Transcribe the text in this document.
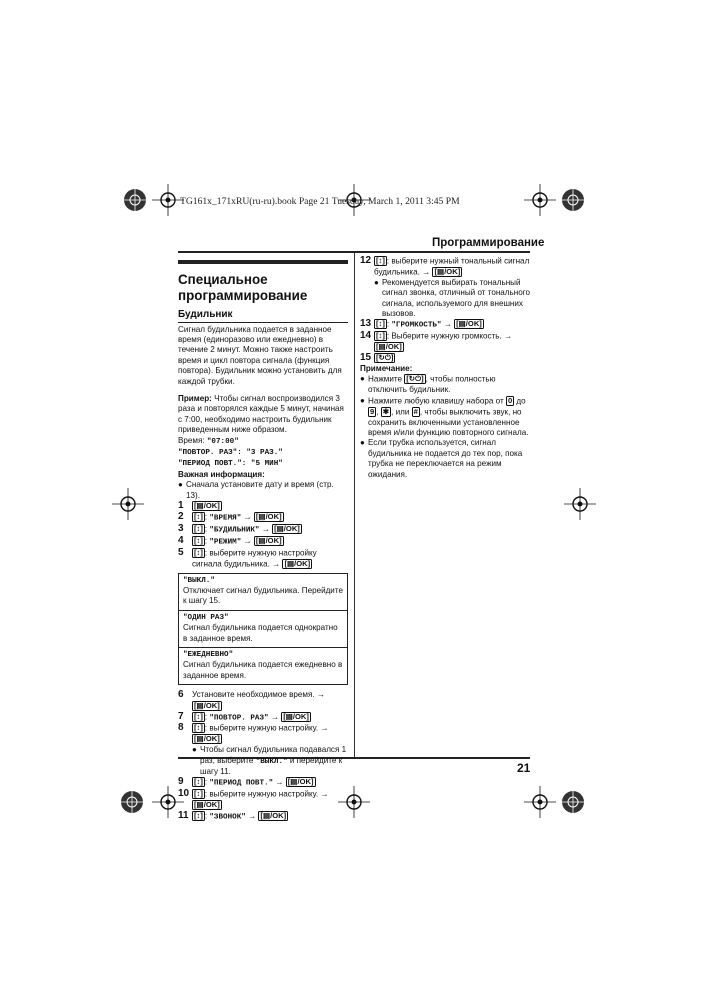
TG161x_171xRU(ru-ru).book Page 21 Tuesday, March 1, 2011 3:45 PM
Программирование
21
Специальное
программирование
Будильник

Сигнал будильника подается в заданное время (единоразово или ежедневно) в течение 2 минут. Можно также настроить время и цикл повтора сигнала (функция повтора). Будильник можно установить для каждой трубки.

Пример: Чтобы сигнал воспроизводился 3 раза и повторялся каждые 5 минут, начиная с 7:00, необходимо настроить будильник приведенным ниже образом.

Время: "07:00"

"ПОВТОР. РАЗ": "3 РАЗ."

"ПЕРИОД ПОВТ.": "5 МИН"

Важная информация:

● Сначала установите дату и время (стр. 13).
1	[▤/OK]
2	[↕] : "ВРЕМЯ" → [▤/OK]
3	[↕] : "БУДИЛЬНИК" → [▤/OK]
4	[↕] : "РЕЖИМ" → [▤/OK]
5	[↕] : выберите нужную настройку сигнала будильника. → [▤/OK]
"ВЫКЛ."
Отключает сигнал будильника. Перейдите к шагу 15.
"ОДИН РАЗ"
Сигнал будильника подается однократно в заданное время.
"ЕЖЕДНЕВНО"
Сигнал будильника подается ежедневно в заданное время.
6	Установите необходимое время. → [▤/OK]
7	[↕] : "ПОВТОР. РАЗ" → [▤/OK]
8	[↕] : выберите нужную настройку. → [▤/OK]
● Чтобы сигнал будильника подавался 1 раз, выберите "ВЫКЛ." и перейдите к шагу 11.
9	[↕] : "ПЕРИОД ПОВТ." → [▤/OK]
10 [↕] : выберите нужную настройку. → [▤/OK]
11 [↕] : "ЗВОНОК" → [▤/OK]
12 [↕] : выберите нужный тональный сигнал будильника. → [▤/OK]
● Рекомендуется выбирать тональный сигнал звонка, отличный от тонального сигнала, используемого для внешних вызовов.
13 [↕] : "ГРОМКОСТЬ" → [▤/OK]
14 [↕] : Выберите нужную громкость. → [▤/OK]
15 [↻⏻]

Примечание:

● Нажмите [↻⏻] , чтобы полностью отключить будильник.
● Нажмите любую клавишу набора от 0 до 9 , ✱ , или # , чтобы выключить звук, но сохранить включенными установленное время и/или функцию повторного сигнала.
● Если трубка используется, сигнал будильника не подается до тех пор, пока трубка не переключается на режим ожидания.
